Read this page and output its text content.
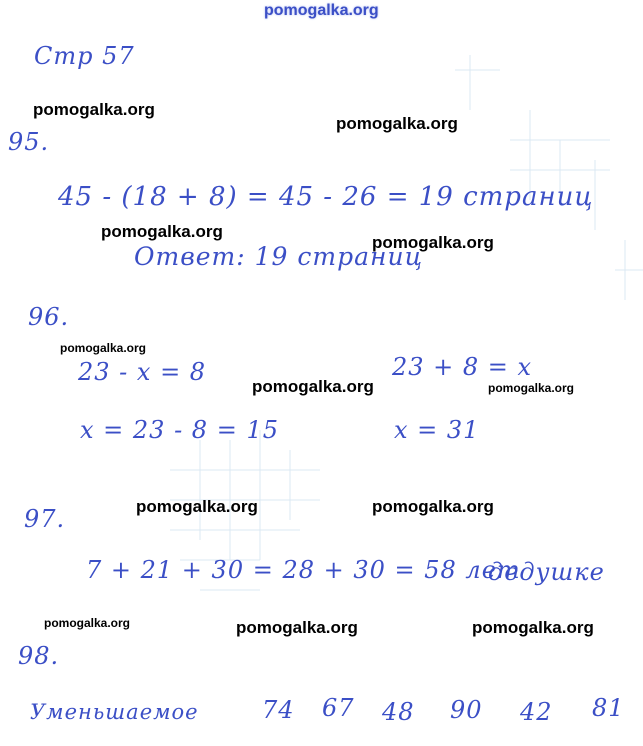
pomogalka.org

Стр 57

pomogalka.org

pomogalka.org

95.

45 - (18 + 8) = 45 - 26 = 19 страниц

pomogalka.org

pomogalka.org

Ответ: 19 страниц

96.

pomogalka.org

23 - x = 8	23 + 8 = x

pomogalka.org	pomogalka.org

x = 23 - 8 = 15	x = 31

pomogalka.org	pomogalka.org

97.

7 + 21 + 30 = 28 + 30 = 58 лет

дедушке

pomogalka.org	pomogalka.org	pomogalka.org

98.

Уменьшаемое	74 67 48 90 42 81
